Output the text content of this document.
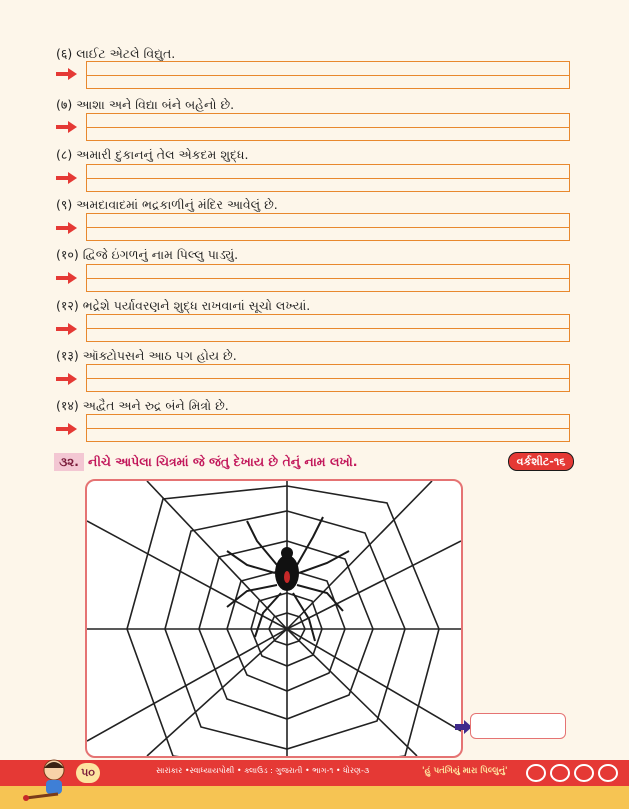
(६) લાઈટ એટલે વિદ્યુત.
(७) આશા અને વિદ્યા બંને બહેનો છે.
(८) અમારી દુકાનનું તેલ એકદમ શુદ્ધ.
(९) અમદાવાદમાં ભદ્રકાળીનું મંદિર આવેલું છે.
(१०) દ્વિજે ઇંગળનું નામ પિલ્લુ પાડ્યું.
(१२) ભદ્રેશે પર્યાવરણને શુદ્ધ રાખવાનાં સૂચો લખ્યાં.
(१३) ઑક્ટોપસને આઠ પગ હોય છે.
(१४) અદ્વૈત અને રુદ્ર બંને મિત્રો છે.
૩૨. નીચે આપેલા ચિત્રમાં જે જંતુ દેખાય છે તેનું નામ લખો.	વર્કશીટ-૧૬
૫૦	સારાંકાર •સ્વાધ્યાયપોથી • ક્લાઉડ : ગુજરાતી • ભાગ-૧ • ધોરણ-૩	'હું પતંગિયું મારા પિલ્લુનું'
